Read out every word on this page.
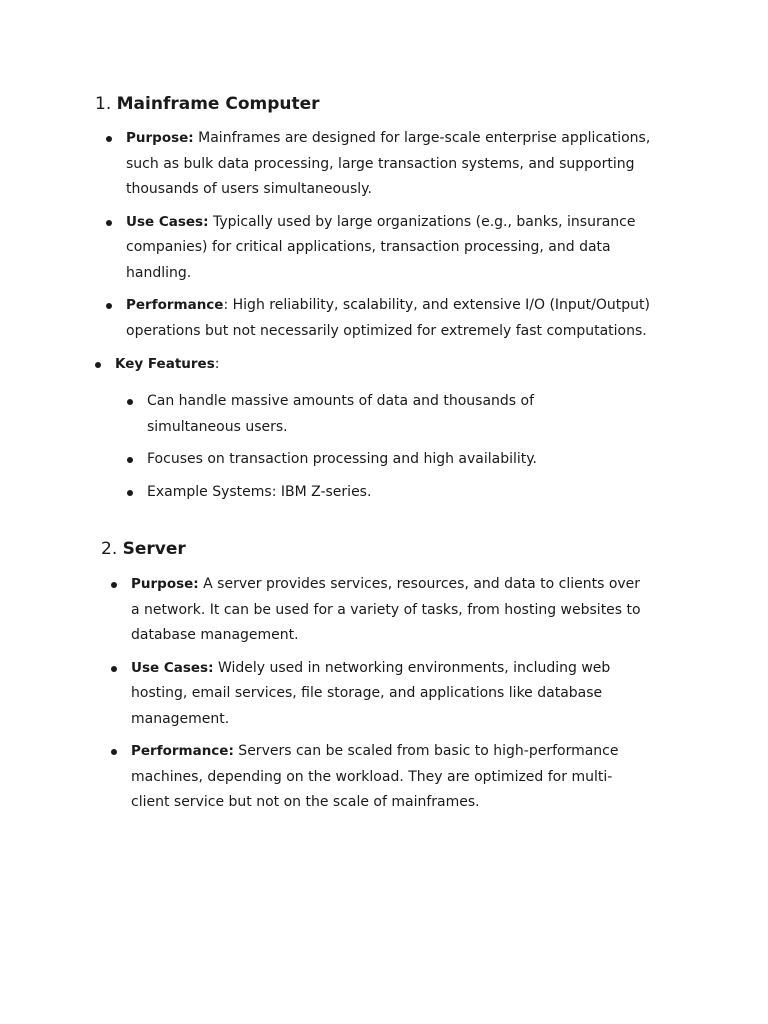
1. Mainframe Computer
Purpose: Mainframes are designed for large-scale enterprise applications, such as bulk data processing, large transaction systems, and supporting thousands of users simultaneously.
Use Cases: Typically used by large organizations (e.g., banks, insurance companies) for critical applications, transaction processing, and data handling.
Performance: High reliability, scalability, and extensive I/O (Input/Output) operations but not necessarily optimized for extremely fast computations.
Key Features:
Can handle massive amounts of data and thousands of simultaneous users.
Focuses on transaction processing and high availability.
Example Systems: IBM Z-series.
2. Server
Purpose: A server provides services, resources, and data to clients over a network. It can be used for a variety of tasks, from hosting websites to database management.
Use Cases: Widely used in networking environments, including web hosting, email services, file storage, and applications like database management.
Performance: Servers can be scaled from basic to high-performance machines, depending on the workload. They are optimized for multi-client service but not on the scale of mainframes.
